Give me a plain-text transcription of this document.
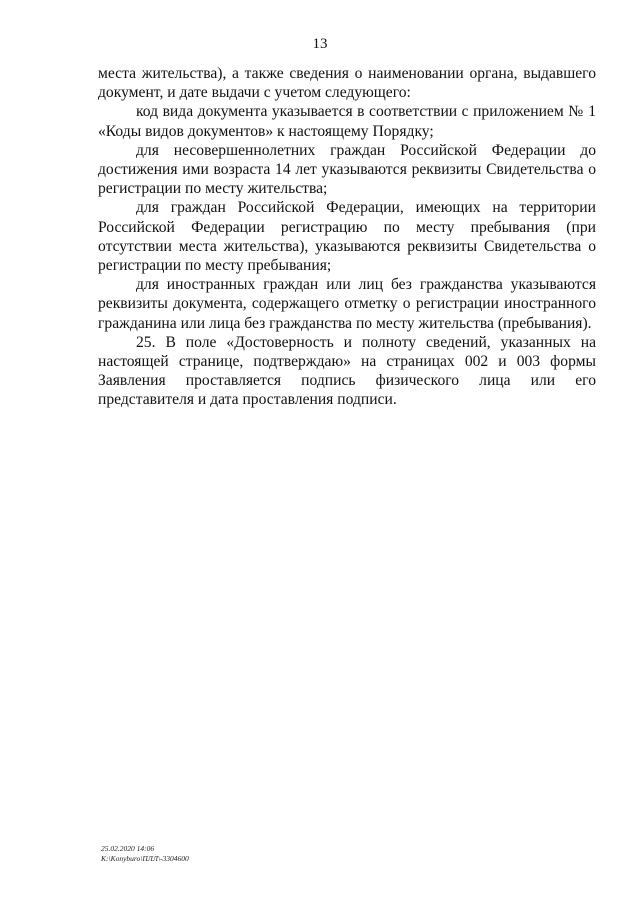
13

места жительства), а также сведения о наименовании органа, выдавшего документ, и дате выдачи с учетом следующего:

код вида документа указывается в соответствии с приложением № 1 «Коды видов документов» к настоящему Порядку;

для несовершеннолетних граждан Российской Федерации до достижения ими возраста 14 лет указываются реквизиты Свидетельства о регистрации по месту жительства;

для граждан Российской Федерации, имеющих на территории Российской Федерации регистрацию по месту пребывания (при отсутствии места жительства), указываются реквизиты Свидетельства о регистрации по месту пребывания;

для иностранных граждан или лиц без гражданства указываются реквизиты документа, содержащего отметку о регистрации иностранного гражданина или лица без гражданства по месту жительства (пребывания).

25. В поле «Достоверность и полноту сведений, указанных на настоящей странице, подтверждаю» на страницах 002 и 003 формы Заявления проставляется подпись физического лица или его представителя и дата проставления подписи.

25.02.2020 14:06
K:\Konyburo\ПЛЛ\-3304600
